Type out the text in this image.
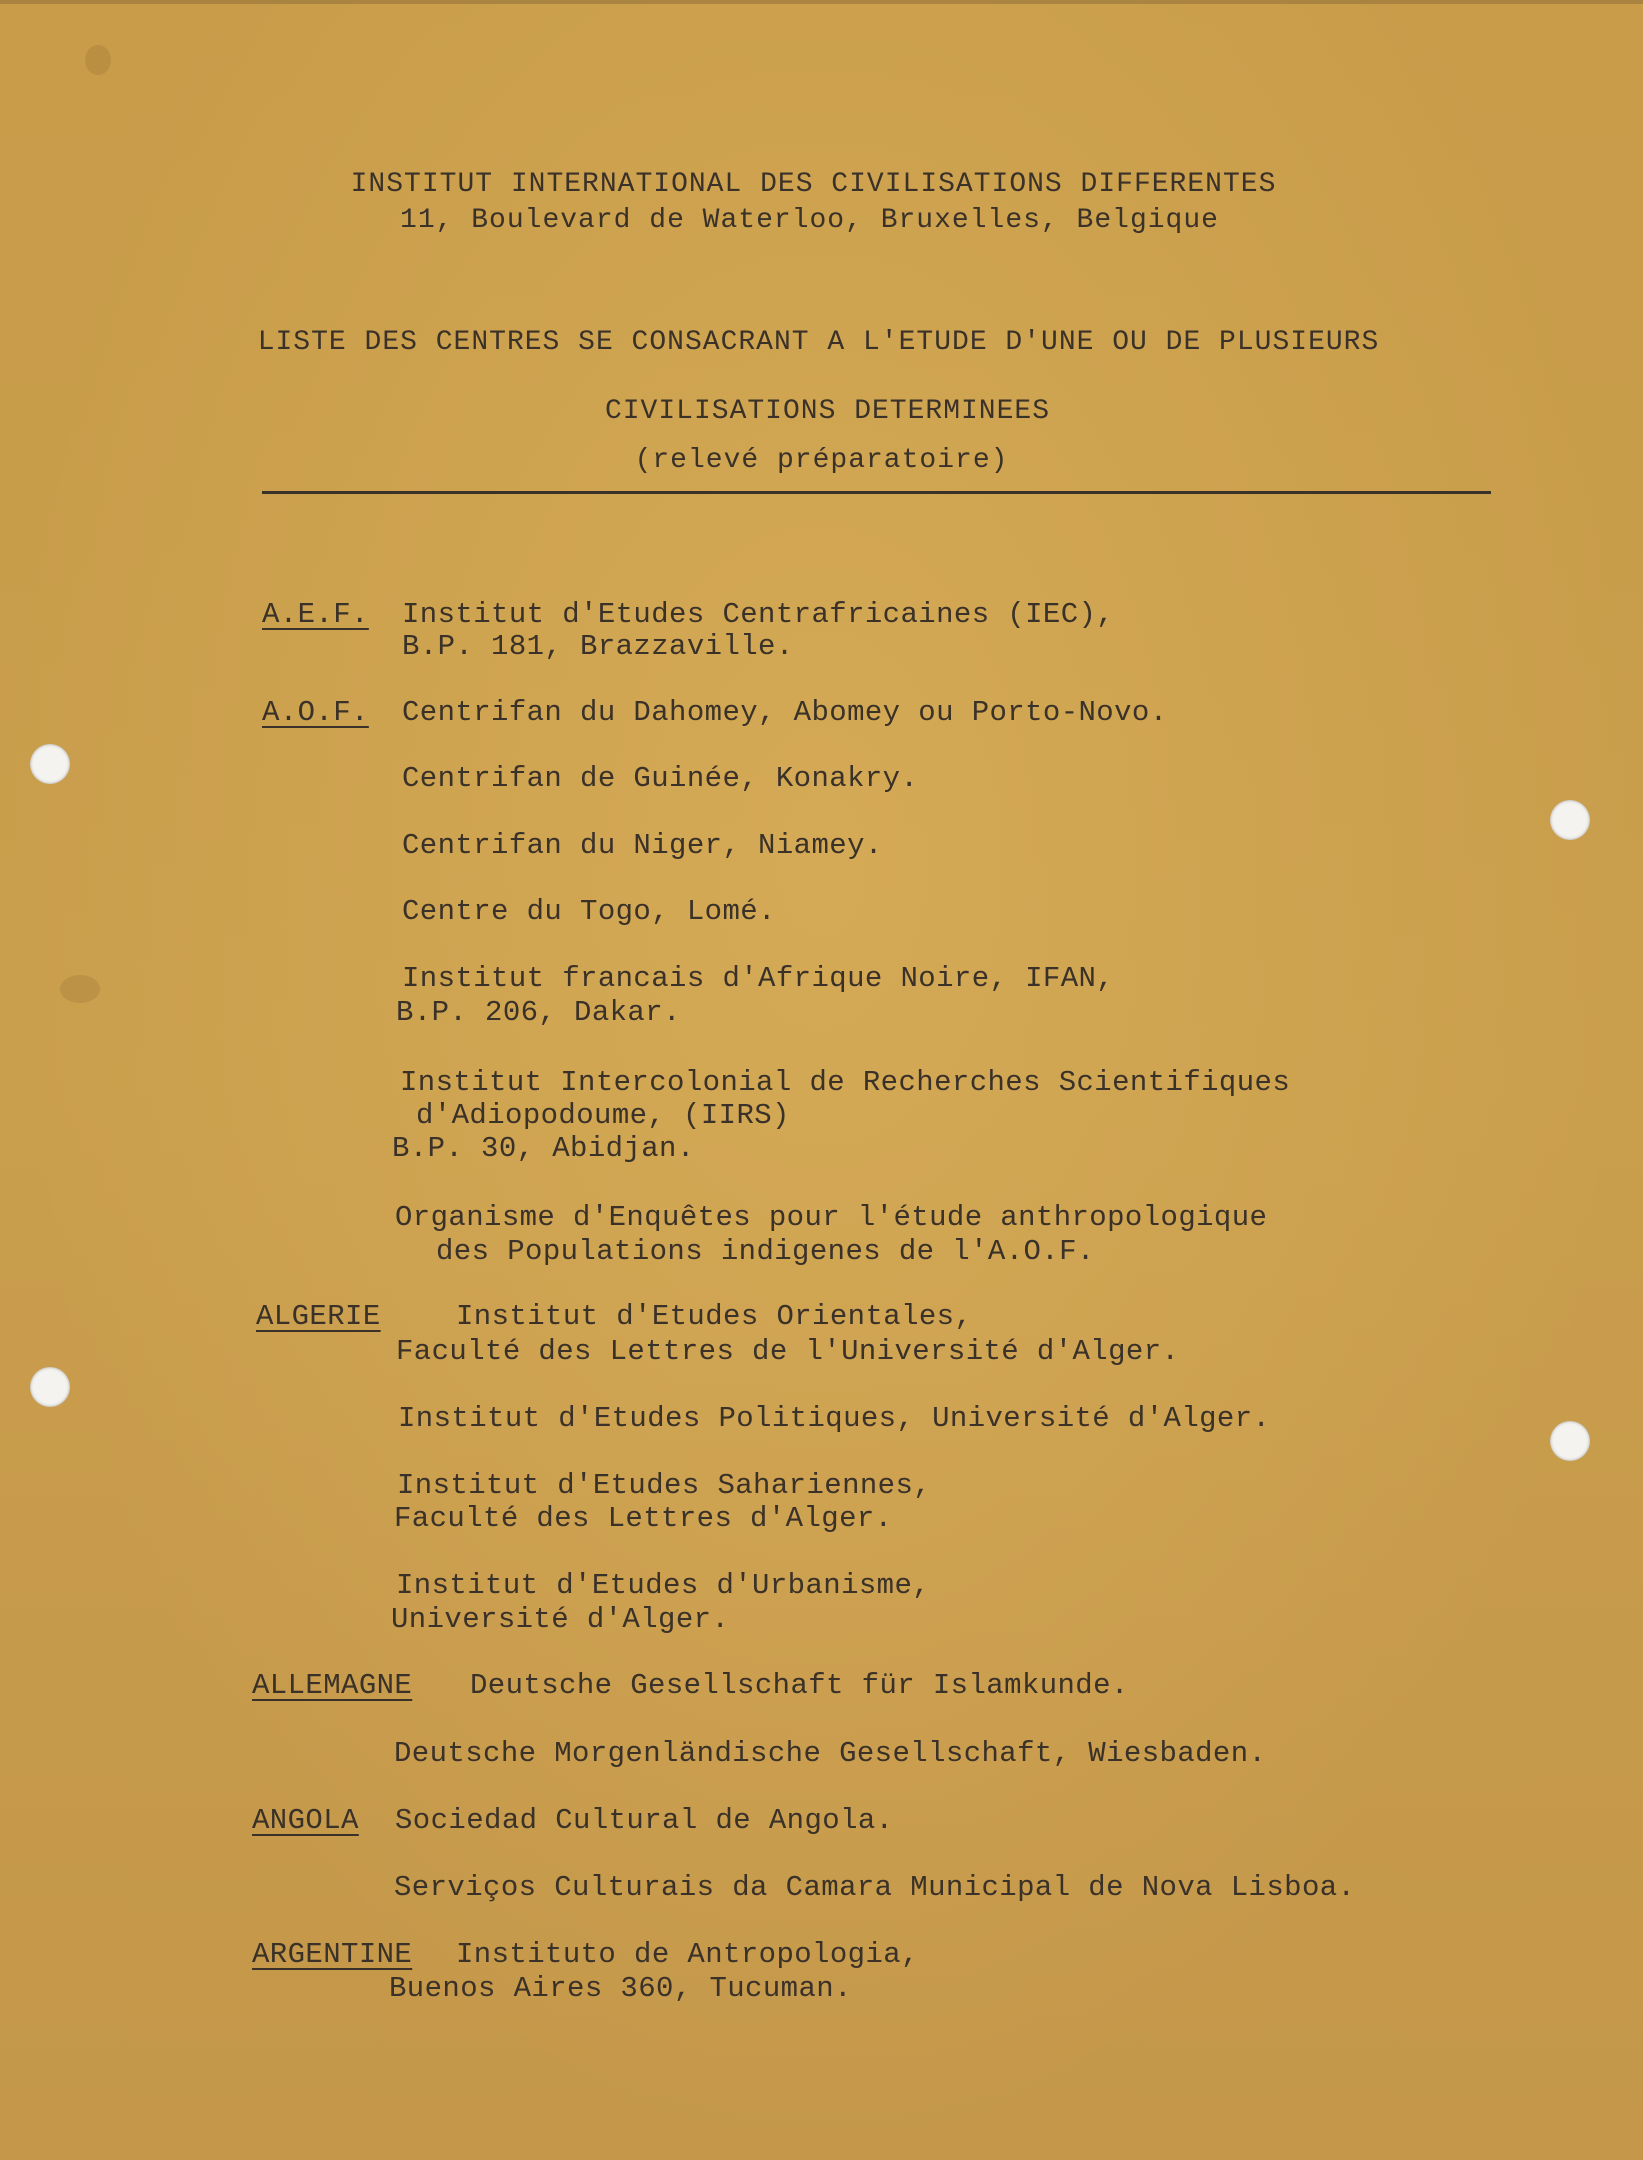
INSTITUT INTERNATIONAL DES CIVILISATIONS DIFFERENTES
11, Boulevard de Waterloo, Bruxelles, Belgique
LISTE DES CENTRES SE CONSACRANT A L'ETUDE D'UNE OU DE PLUSIEURS
CIVILISATIONS DETERMINEES
(relevé préparatoire)
A.E.F. Institut d'Etudes Centrafricaines (IEC),
B.P. 181, Brazzaville.
A.O.F. Centrifan du Dahomey, Abomey ou Porto-Novo.
Centrifan de Guinée, Konakry.
Centrifan du Niger, Niamey.
Centre du Togo, Lomé.
Institut francais d'Afrique Noire, IFAN,
B.P. 206, Dakar.
Institut Intercolonial de Recherches Scientifiques
d'Adiopodoume, (IIRS)
B.P. 30, Abidjan.
Organisme d'Enquêtes pour l'étude anthropologique
des Populations indigenes de l'A.O.F.
ALGERIE	Institut d'Etudes Orientales,
Faculté des Lettres de l'Université d'Alger.
Institut d'Etudes Politiques, Université d'Alger.
Institut d'Etudes Sahariennes,
Faculté des Lettres d'Alger.
Institut d'Etudes d'Urbanisme,
Université d'Alger.
ALLEMAGNE Deutsche Gesellschaft für Islamkunde.
Deutsche Morgenländische Gesellschaft, Wiesbaden.
ANGOLA Sociedad Cultural de Angola.
Serviços Culturais da Camara Municipal de Nova Lisboa.
ARGENTINE Instituto de Antropologia,
Buenos Aires 360, Tucuman.
